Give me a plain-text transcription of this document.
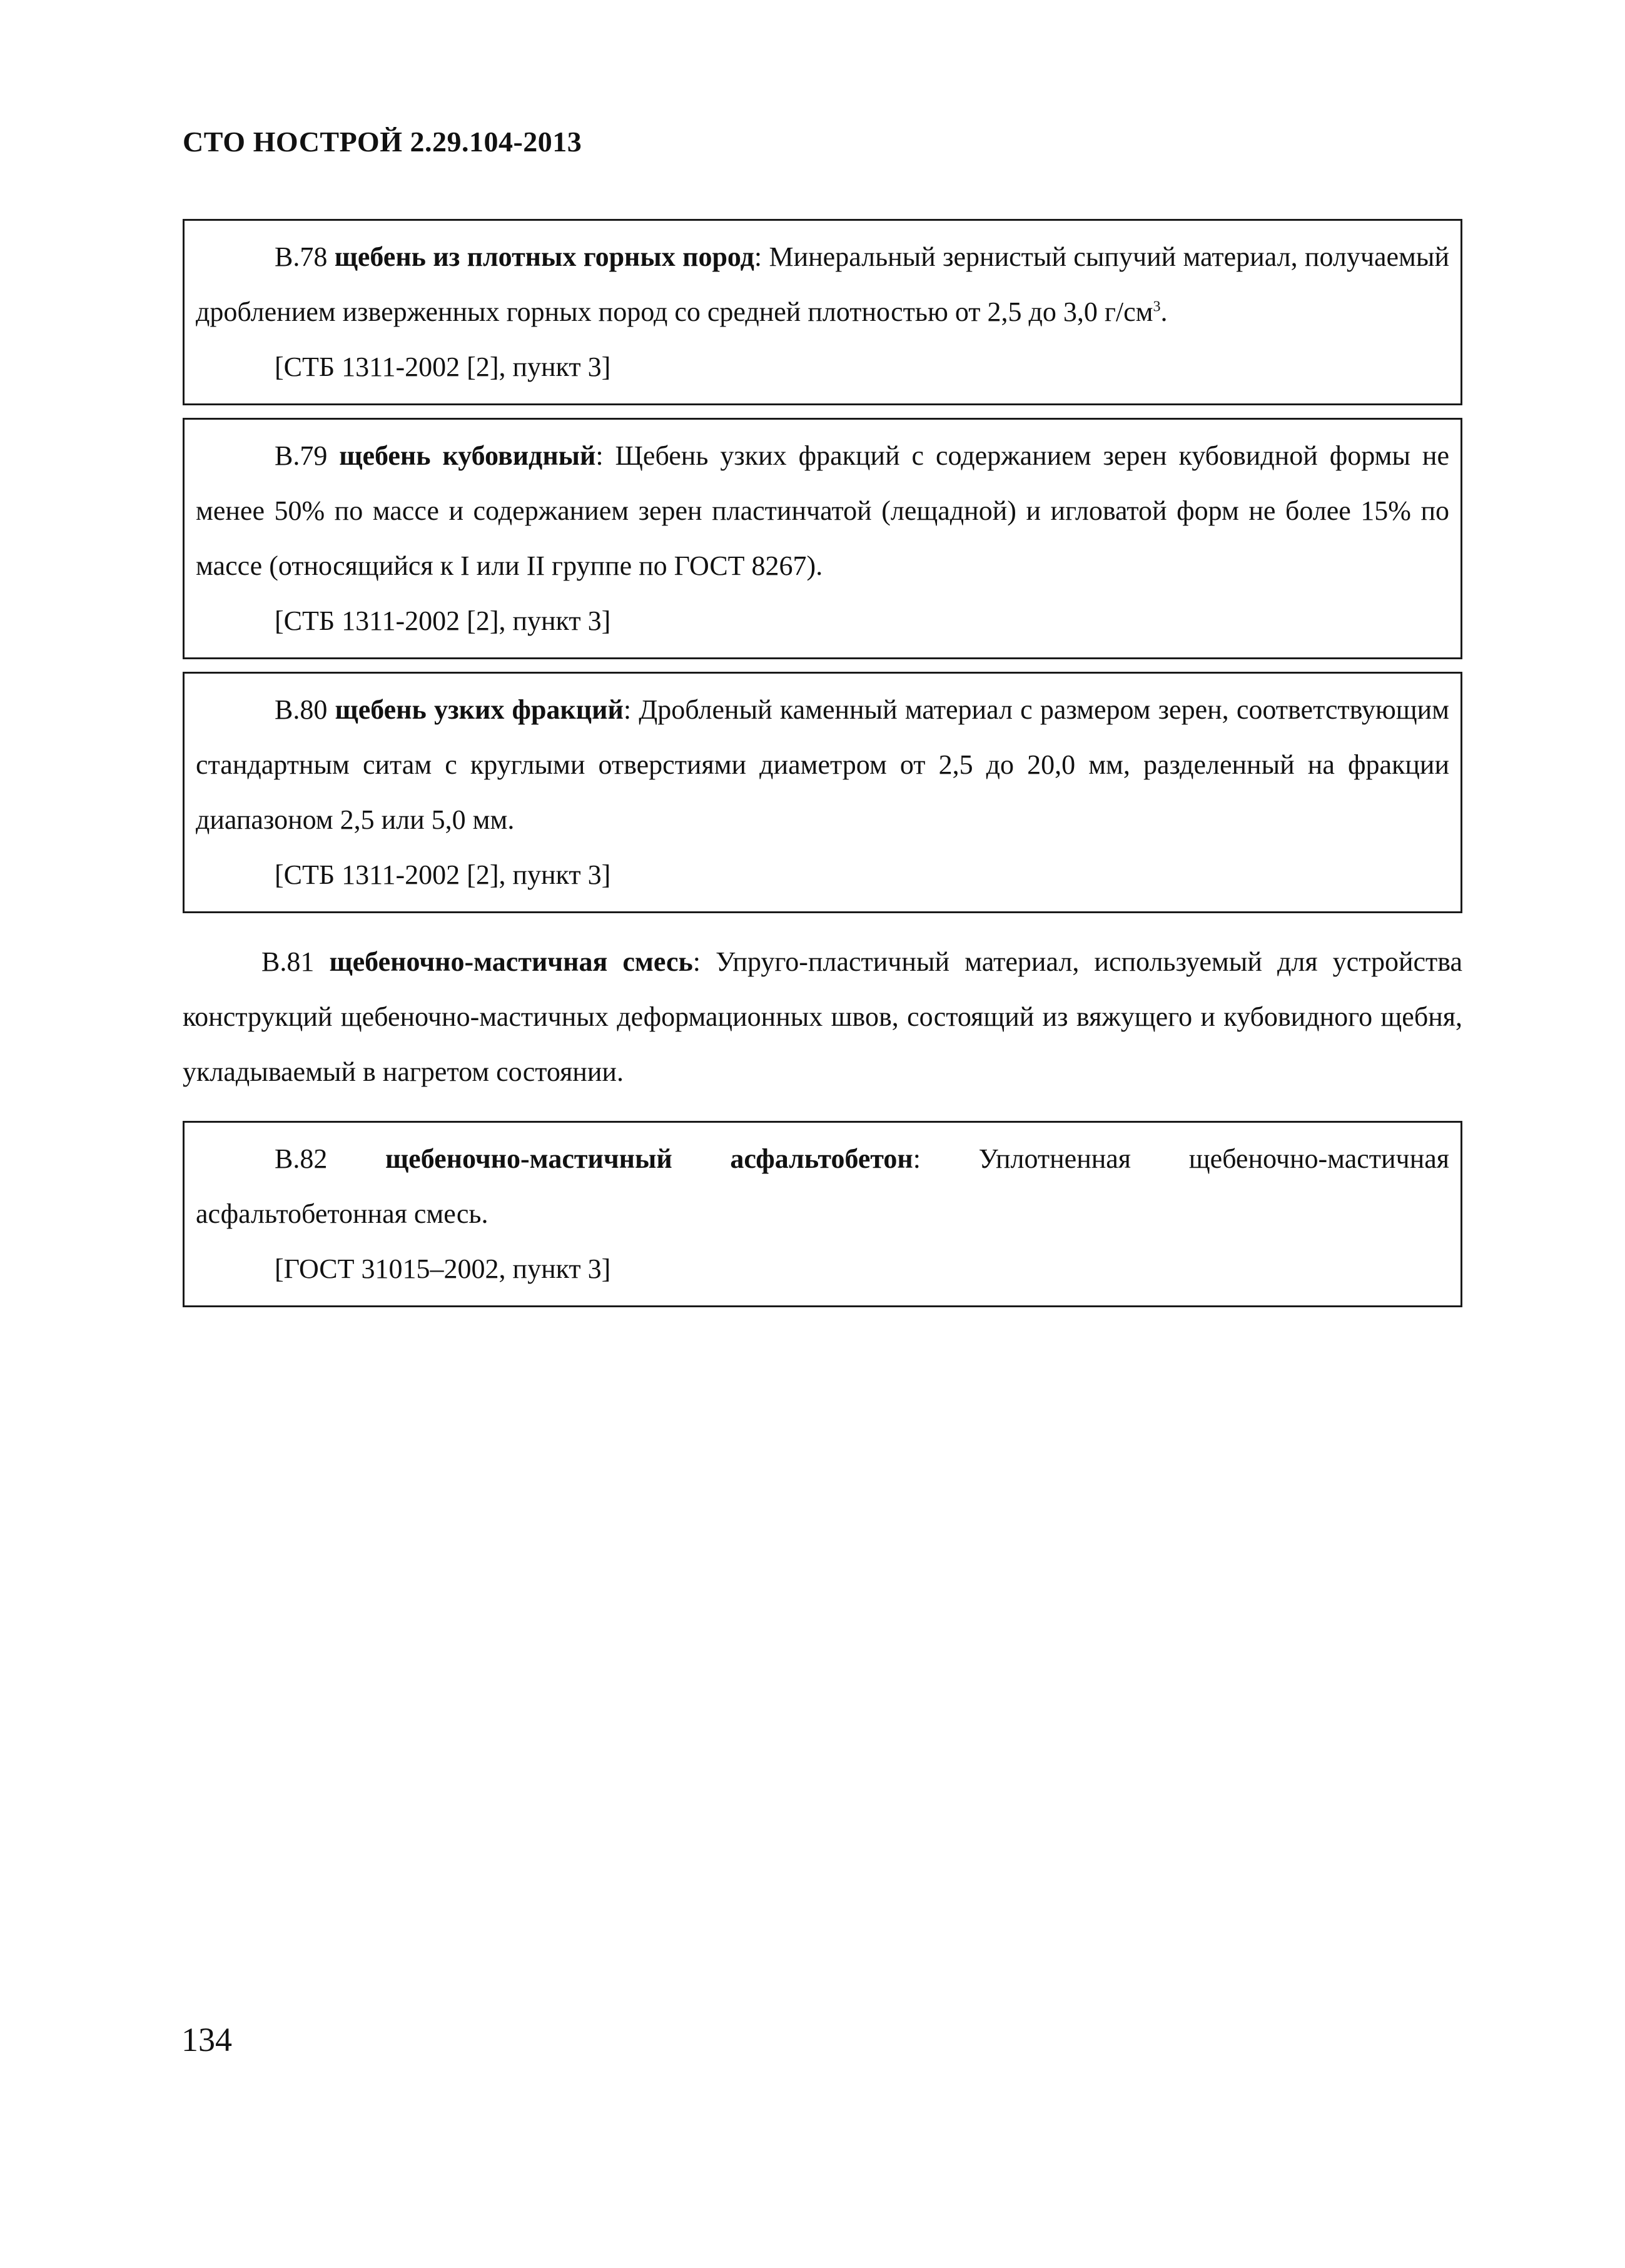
СТО НОСТРОЙ 2.29.104-2013

В.78 щебень из плотных горных пород: Минеральный зернистый сыпучий материал, получаемый дроблением изверженных горных пород со средней плотностью от 2,5 до 3,0 $г/см^3$.

[СТБ 1311-2002 [2], пункт 3]

В.79 щебень кубовидный: Щебень узких фракций с содержанием зерен кубовидной формы не менее 50% по массе и содержанием зерен пластинчатой (лещадной) и игловатой форм не более 15% по массе (относящийся к I или II группе по ГОСТ 8267).

[СТБ 1311-2002 [2], пункт 3]

В.80 щебень узких фракций: Дробленый каменный материал с размером зерен, соответствующим стандартным ситам с круглыми отверстиями диаметром от 2,5 до 20,0 мм, разделенный на фракции диапазоном 2,5 или 5,0 мм.

[СТБ 1311-2002 [2], пункт 3]

В.81 щебеночно-мастичная смесь: Упруго-пластичный материал, используемый для устройства конструкций щебеночно-мастичных деформационных швов, состоящий из вяжущего и кубовидного щебня, укладываемый в нагретом состоянии.

В.82 щебеночно-мастичный асфальтобетон: Уплотненная щебеночно-мастичная асфальтобетонная смесь.

[ГОСТ 31015–2002, пункт 3]

134
